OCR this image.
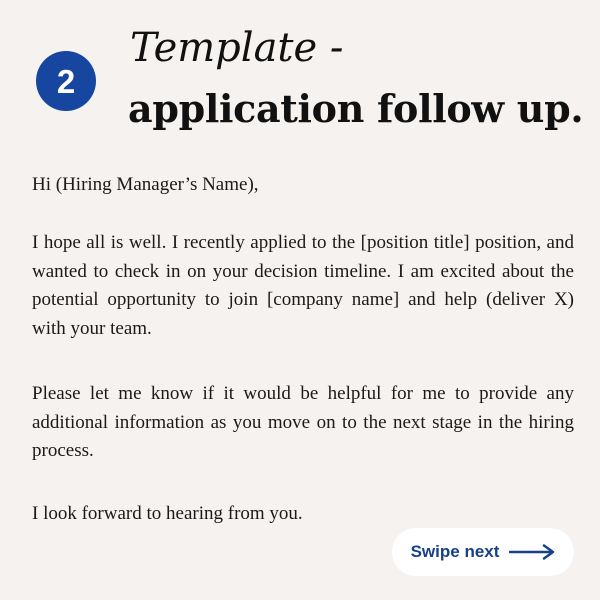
2
Template -
application follow up.

Hi (Hiring Manager’s Name),

I hope all is well. I recently applied to the [position title] position, and wanted to check in on your decision timeline. I am excited about the potential opportunity to join [company name] and help (deliver X) with your team.

Please let me know if it would be helpful for me to provide any additional information as you move on to the next stage in the hiring process.

I look forward to hearing from you.

Swipe next
